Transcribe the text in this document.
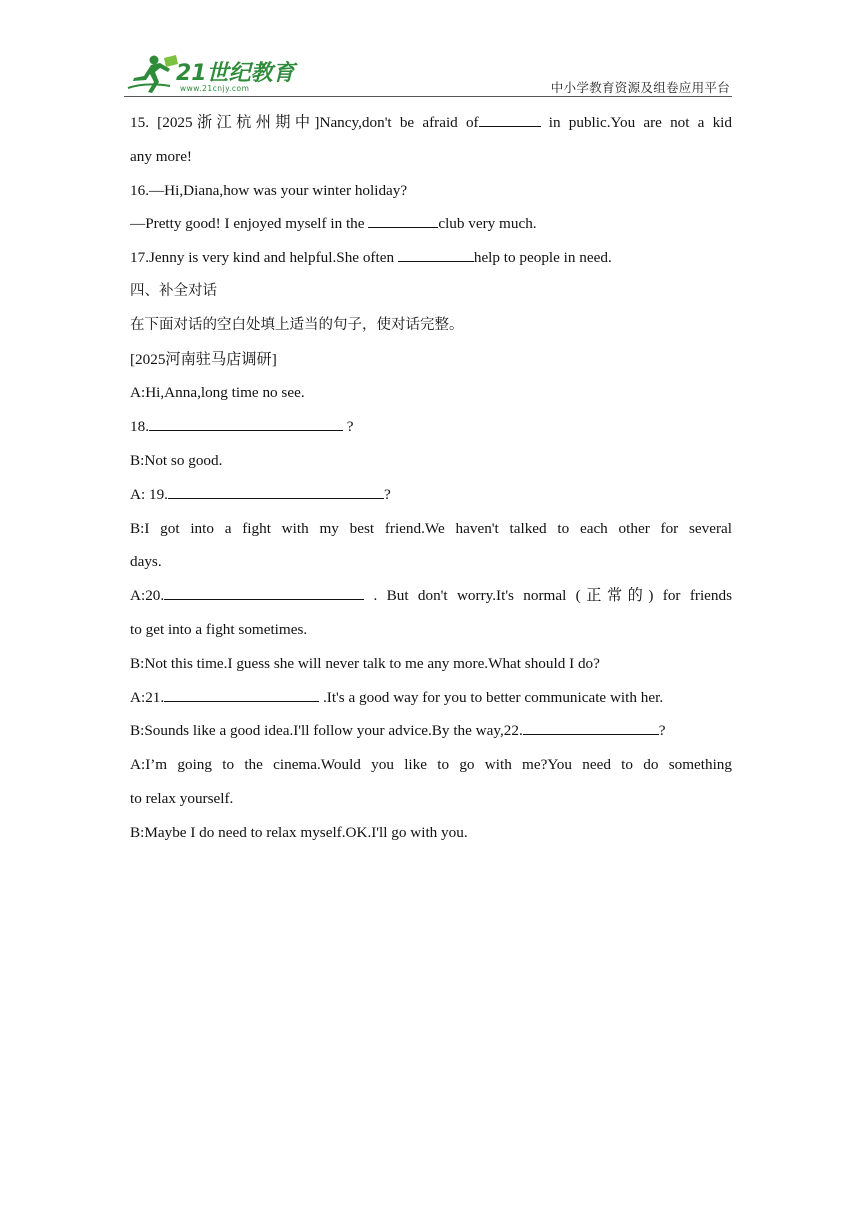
21世纪教育
www.21cnjy.com	中小学教育资源及组卷应用平台
15. [2025浙江杭州期中]Nancy,don't be afraid of	in public.You are not a kid
any more!
16.—Hi,Diana,how was your winter holiday?
—Pretty good! I enjoyed myself in the	club very much.
17.Jenny is very kind and helpful.She often	help to people in need.
四、补全对话
在下面对话的空白处填上适当的句子，使对话完整。
[2025河南驻马店调研]
A:Hi,Anna,long time no see.
18.	?
B:Not so good.
A: 19.	?
B:I got into a fight with my best friend.We haven't talked to each other for several
days.
A:20.	. But don't worry.It's normal (正常的) for friends
to get into a fight sometimes.
B:Not this time.I guess she will never talk to me any more.What should I do?
A:21.	.It's a good way for you to better communicate with her.
B:Sounds like a good idea.I'll follow your advice.By the way,22.	?
A:I’m going to the cinema.Would you like to go with me?You need to do something
to relax yourself.
B:Maybe I do need to relax myself.OK.I'll go with you.
